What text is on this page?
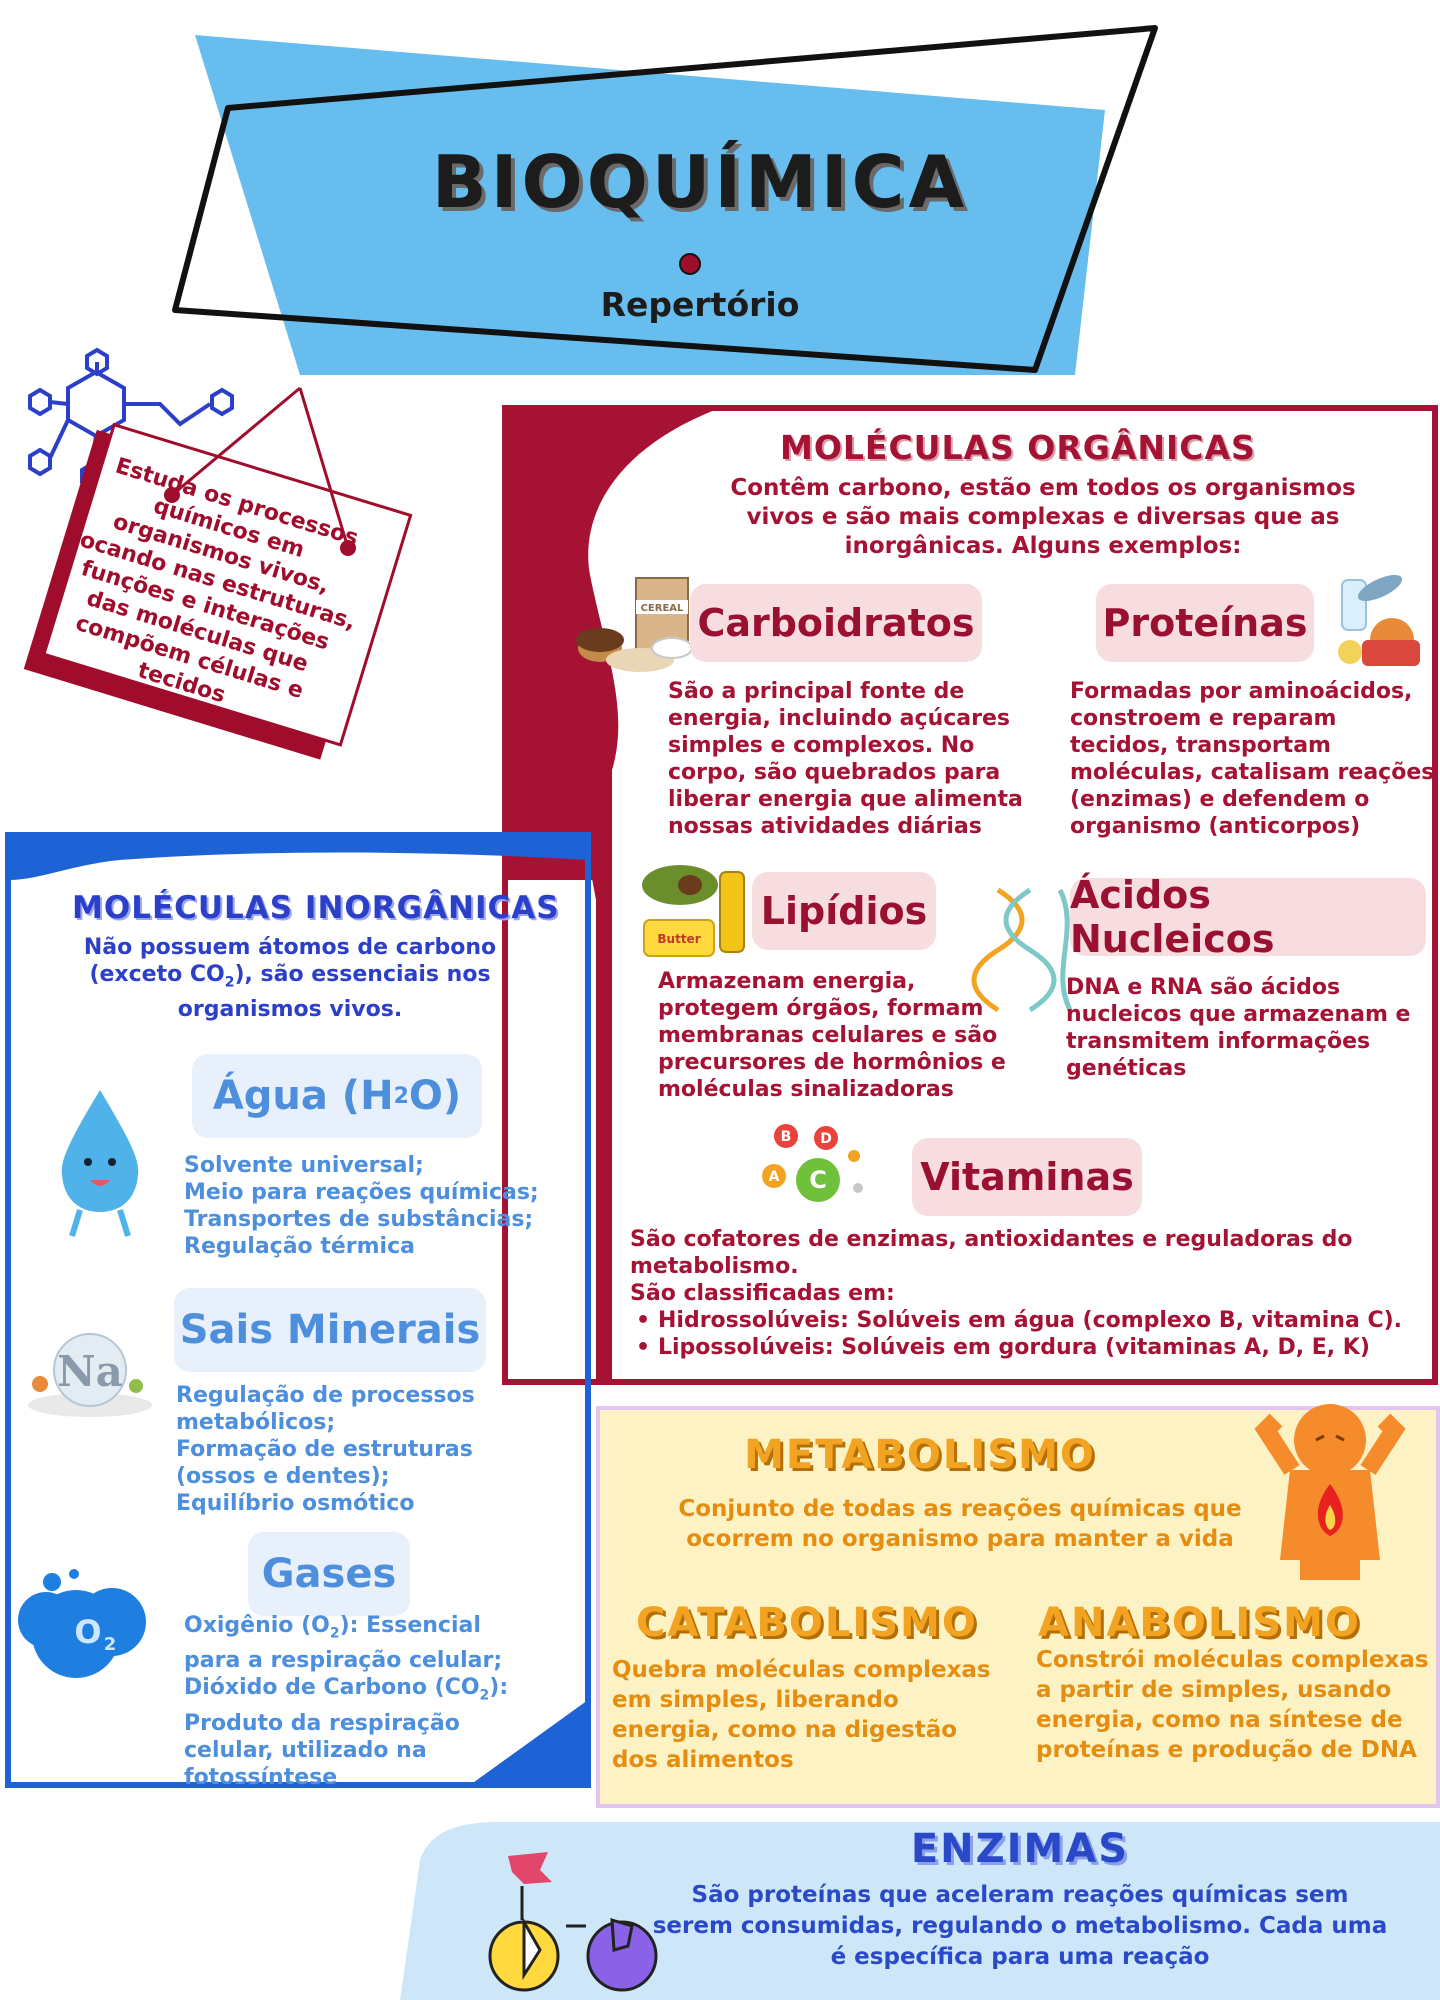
CEREAL
Butter
B
A C
D
Na
O 2
BIOQUÍMICA
Repertório
Estuda os processos químicos em organismos vivos, focando nas estruturas, funções e interações das moléculas que compõem células e tecidos
MOLÉCULAS ORGÂNICAS
Contêm carbono, estão em todos os organismos vivos e são mais complexas e diversas que as inorgânicas. Alguns exemplos:
Carboidratos
São a principal fonte de energia, incluindo açúcares simples e complexos. No corpo, são quebrados para liberar energia que alimenta nossas atividades diárias
Proteínas
Formadas por aminoácidos, constroem e reparam tecidos, transportam moléculas, catalisam reações (enzimas) e defendem o organismo (anticorpos)
Lipídios
Armazenam energia, protegem órgãos, formam membranas celulares e são precursores de hormônios e moléculas sinalizadoras
Ácidos Nucleicos
DNA e RNA são ácidos nucleicos que armazenam e transmitem informações genéticas
Vitaminas
São cofatores de enzimas, antioxidantes e reguladoras do metabolismo.
São classificadas em:
• Hidrossolúveis: Solúveis em água (complexo B, vitamina C).
• Lipossolúveis: Solúveis em gordura (vitaminas A, D, E, K)
MOLÉCULAS INORGÂNICAS
Não possuem átomos de carbono (exceto $CO_2$), são essenciais nos organismos vivos.
Água (H 2 O)
Solvente universal;
Meio para reações químicas;
Transportes de substâncias;
Regulação térmica
Sais Minerais
Regulação de processos metabólicos;
Formação de estruturas (ossos e dentes);
Equilíbrio osmótico
Gases
Oxigênio $(O_2)$: Essencial para a respiração celular;
Dióxido de Carbono $(CO_2)$: Produto da respiração celular, utilizado na fotossíntese
METABOLISMO
Conjunto de todas as reações químicas que ocorrem no organismo para manter a vida
CATABOLISMO
Quebra moléculas complexas em simples, liberando energia, como na digestão dos alimentos
ANABOLISMO
Constrói moléculas complexas a partir de simples, usando energia, como na síntese de proteínas e produção de DNA
ENZIMAS
São proteínas que aceleram reações químicas sem serem consumidas, regulando o metabolismo. Cada uma é específica para uma reação
